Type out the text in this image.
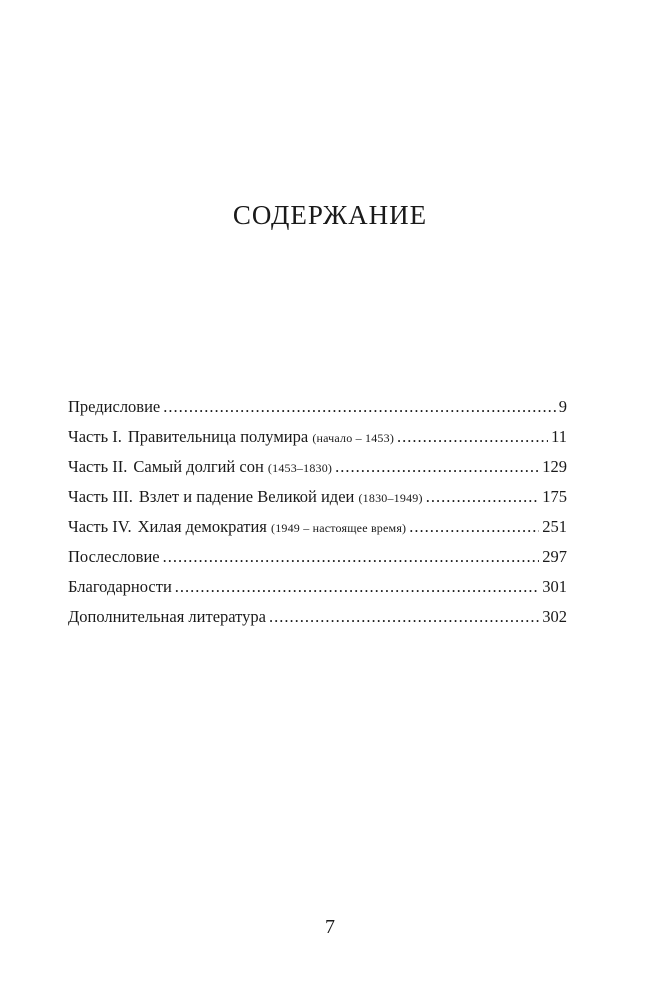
СОДЕРЖАНИЕ
Предисловие .....	9
Часть I. Правительница полумира (начало – 1453) .....	11
Часть II. Самый долгий сон (1453–1830) .....	129
Часть III. Взлет и падение Великой идеи (1830–1949) .....	175
Часть IV. Хилая демократия (1949 – настоящее время) .....	251
Послесловие .....	297
Благодарности .....	301
Дополнительная литература .....	302
7
